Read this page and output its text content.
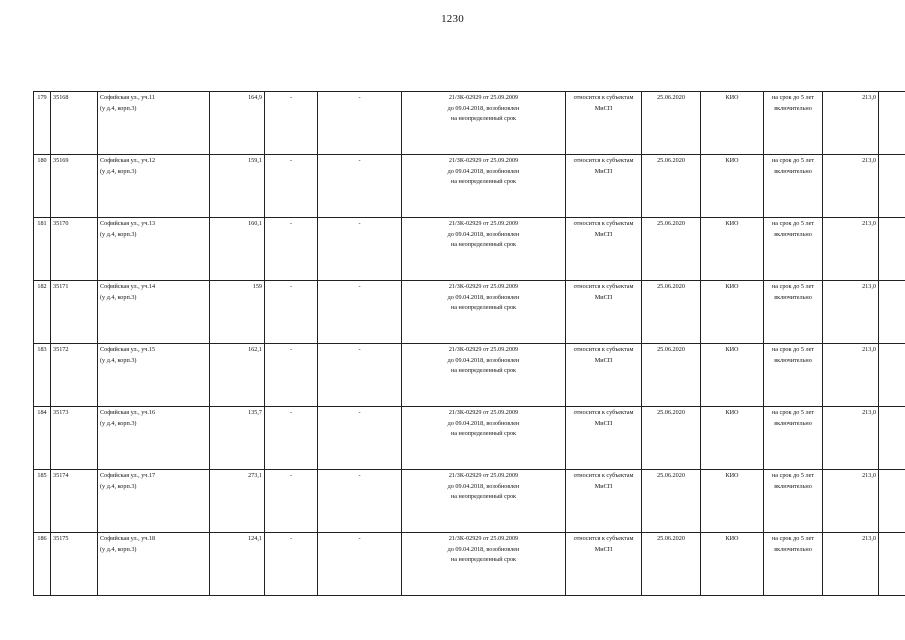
1230
179	35168	Софийская ул., уч.11
(у д.4, корп.3)	164,9	-	-	21/ЗК-02929 от 25.09.2009
до 09.04.2018, возобновлен
на неопределенный срок	относится к субъектам
МиСП	25.06.2020	КИО	на срок до 5 лет
включительно	213,0	

180	35169	Софийская ул., уч.12
(у д.4, корп.3)	159,1	-	-	21/ЗК-02929 от 25.09.2009
до 09.04.2018, возобновлен
на неопределенный срок	относится к субъектам
МиСП	25.06.2020	КИО	на срок до 5 лет
включительно	213,0	

181	35170	Софийская ул., уч.13
(у д.4, корп.3)	160,1	-	-	21/ЗК-02929 от 25.09.2009
до 09.04.2018, возобновлен
на неопределенный срок	относится к субъектам
МиСП	25.06.2020	КИО	на срок до 5 лет
включительно	213,0	

182	35171	Софийская ул., уч.14
(у д.4, корп.3)	159	-	-	21/ЗК-02929 от 25.09.2009
до 09.04.2018, возобновлен
на неопределенный срок	относится к субъектам
МиСП	25.06.2020	КИО	на срок до 5 лет
включительно	213,0	

183	35172	Софийская ул., уч.15
(у д.4, корп.3)	162,1	-	-	21/ЗК-02929 от 25.09.2009
до 09.04.2018, возобновлен
на неопределенный срок	относится к субъектам
МиСП	25.06.2020	КИО	на срок до 5 лет
включительно	213,0	

184	35173	Софийская ул., уч.16
(у д.4, корп.3)	135,7	-	-	21/ЗК-02929 от 25.09.2009
до 09.04.2018, возобновлен
на неопределенный срок	относится к субъектам
МиСП	25.06.2020	КИО	на срок до 5 лет
включительно	213,0	

185	35174	Софийская ул., уч.17
(у д.4, корп.3)	273,1	-	-	21/ЗК-02929 от 25.09.2009
до 09.04.2018, возобновлен
на неопределенный срок	относится к субъектам
МиСП	25.06.2020	КИО	на срок до 5 лет
включительно	213,0	

186	35175	Софийская ул., уч.18
(у д.4, корп.3)	124,1	-	-	21/ЗК-02929 от 25.09.2009
до 09.04.2018, возобновлен
на неопределенный срок	относится к субъектам
МиСП	25.06.2020	КИО	на срок до 5 лет
включительно	213,0	
